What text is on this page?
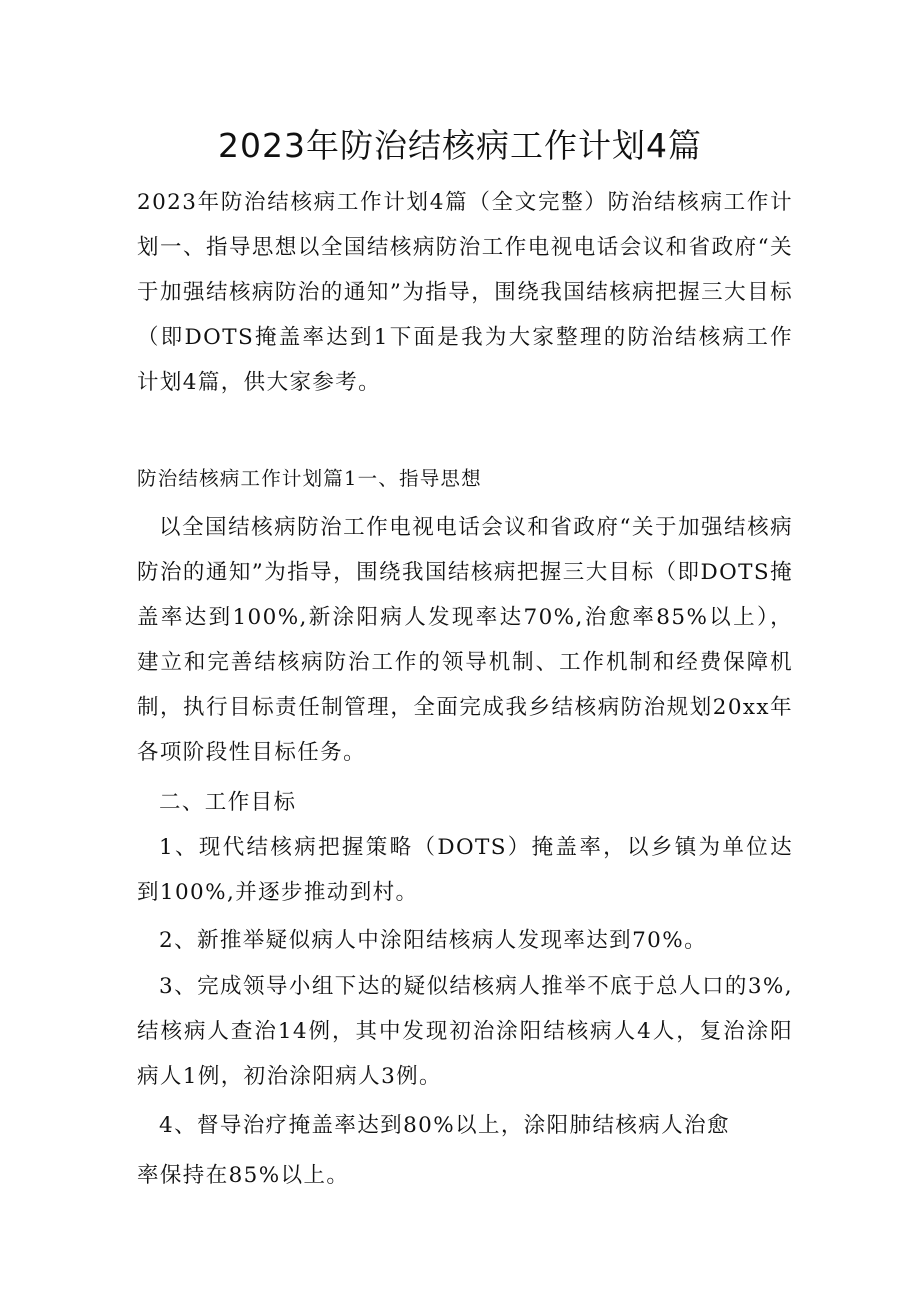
2023年防治结核病工作计划4篇
2023年防治结核病工作计划4篇（全文完整）防治结核病工作计划一、指导思想以全国结核病防治工作电视电话会议和省政府“关于加强结核病防治的通知”为指导，围绕我国结核病把握三大目标（即DOTS掩盖率达到1下面是我为大家整理的防治结核病工作计划4篇，供大家参考。
防治结核病工作计划篇1一、指导思想
以全国结核病防治工作电视电话会议和省政府“关于加强结核病防治的通知”为指导，围绕我国结核病把握三大目标（即DOTS掩盖率达到100%,新涂阳病人发现率达70%,治愈率85%以上），建立和完善结核病防治工作的领导机制、工作机制和经费保障机制，执行目标责任制管理，全面完成我乡结核病防治规划20xx年各项阶段性目标任务。
二、工作目标
1、现代结核病把握策略（DOTS）掩盖率，以乡镇为单位达到100%,并逐步推动到村。
2、新推举疑似病人中涂阳结核病人发现率达到70%。
3、完成领导小组下达的疑似结核病人推举不底于总人口的3%,结核病人查治14例，其中发现初治涂阳结核病人4人，复治涂阳病人1例，初治涂阳病人3例。
4、督导治疗掩盖率达到80%以上，涂阳肺结核病人治愈
率保持在85%以上。
